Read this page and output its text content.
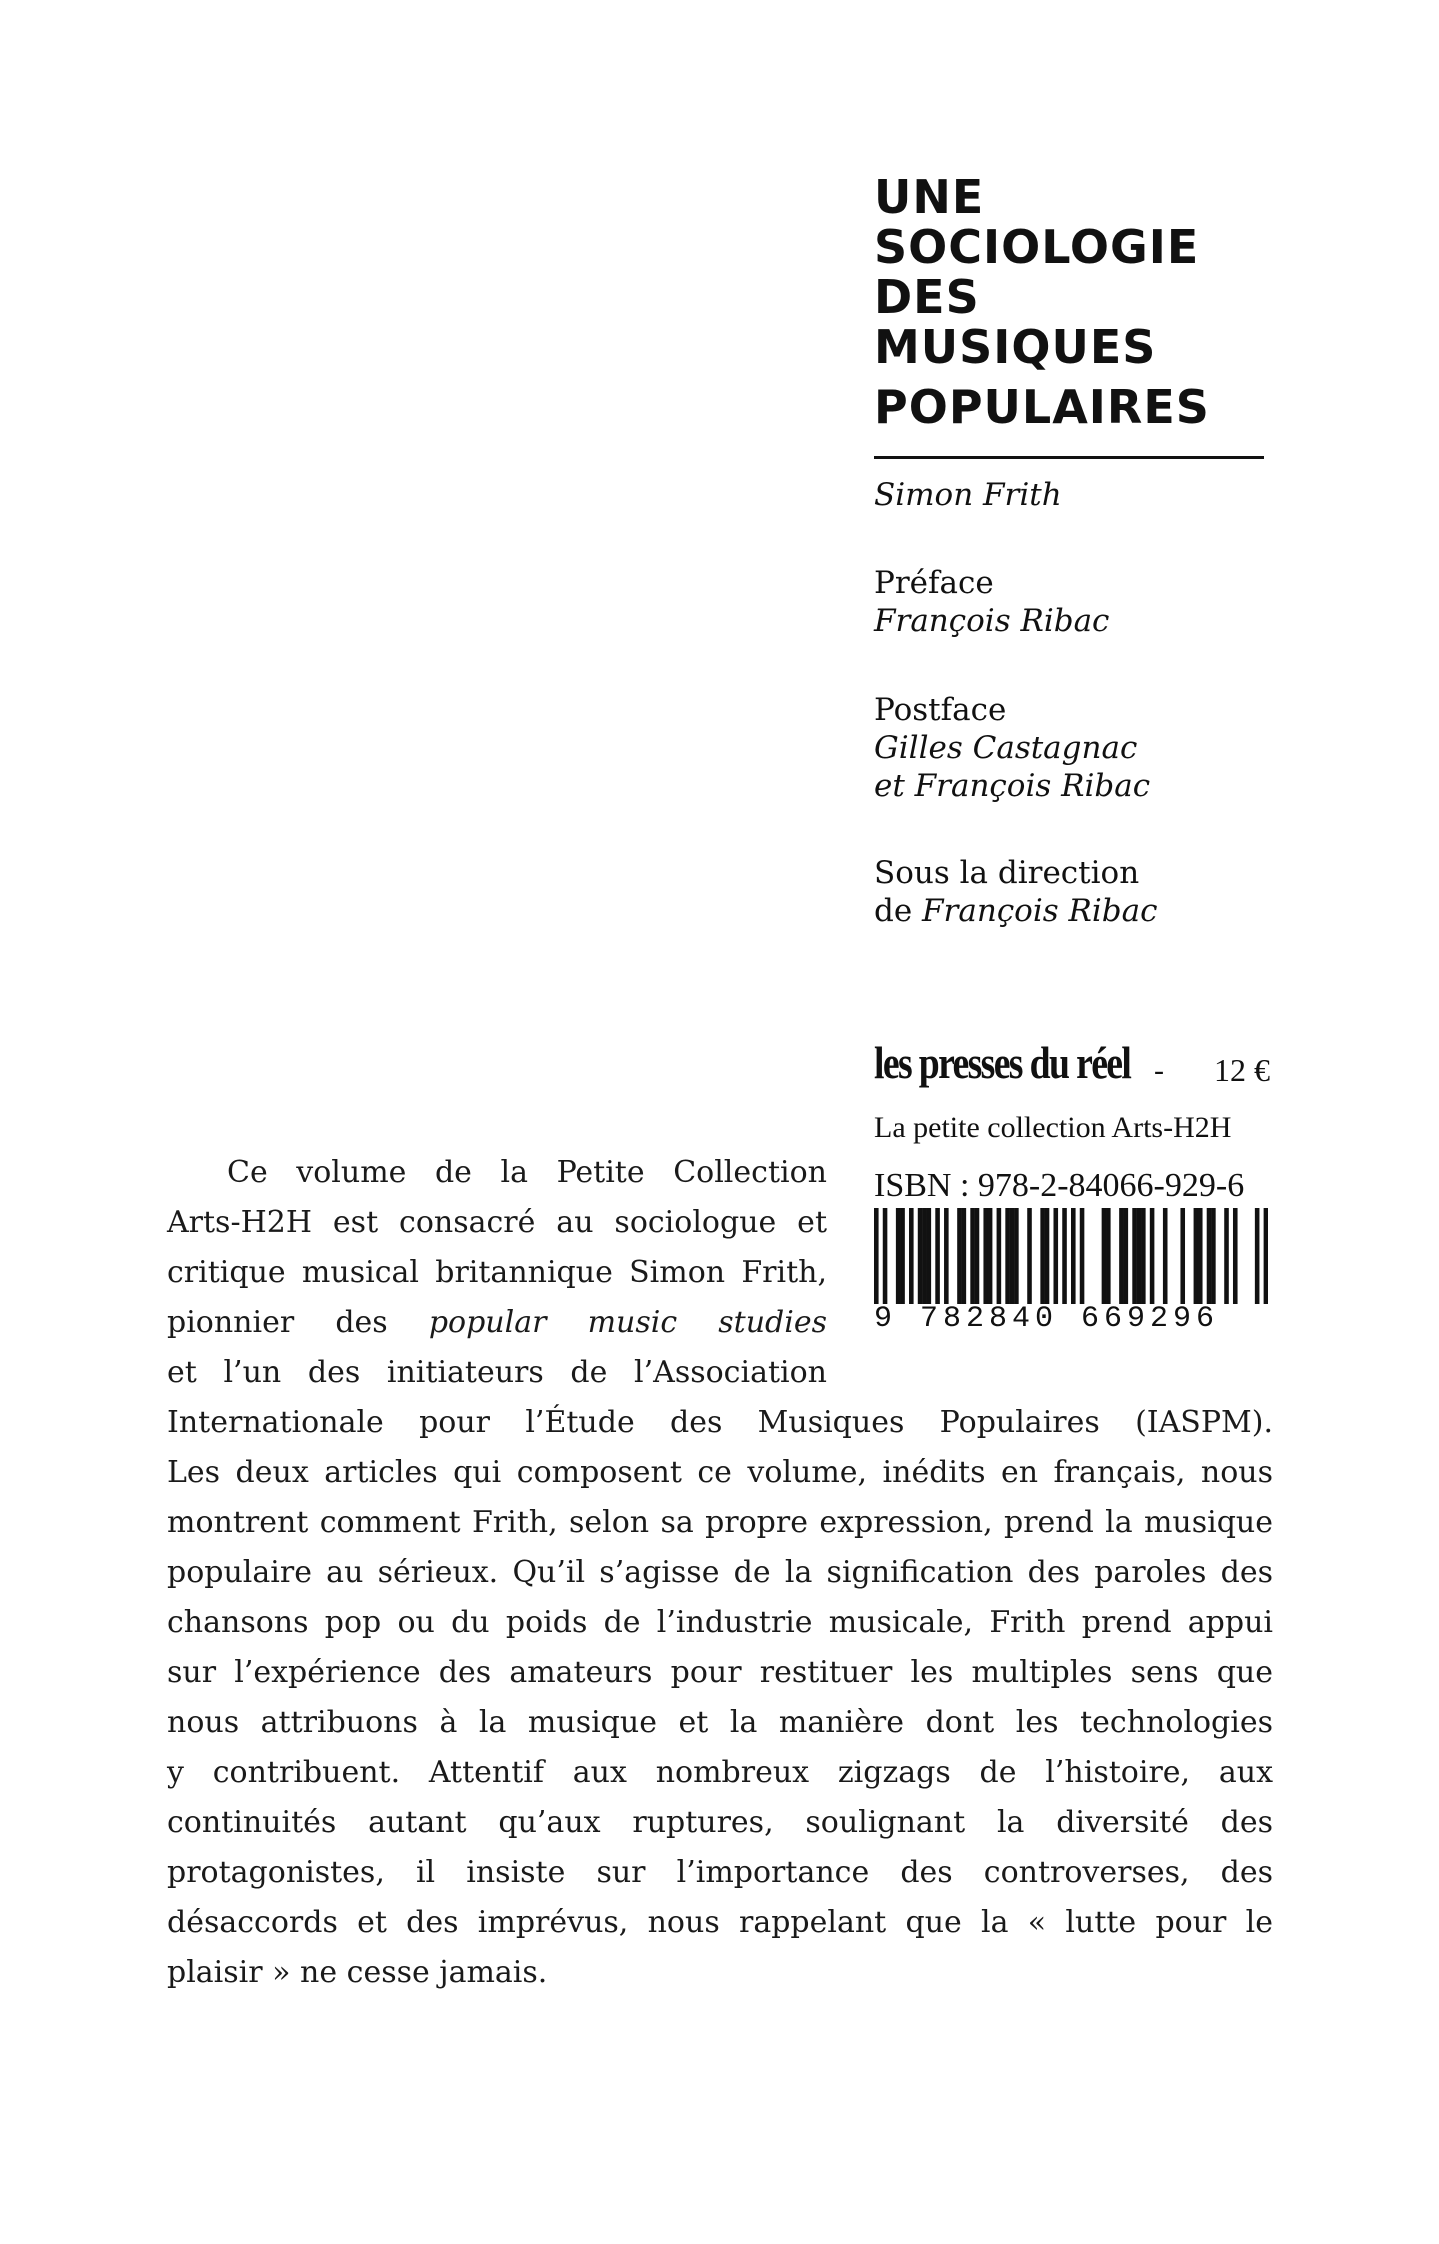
UNE
SOCIOLOGIE
DES
MUSIQUES
POPULAIRES
Simon Frith
Préface
François Ribac
Postface
Gilles Castagnac
et François Ribac
Sous la direction
de François Ribac
les presses du réel - 12 €
La petite collection Arts-H2H
ISBN : 978-2-84066-929-6
9 782840 669296
Ce volume de la Petite Collection
Arts-H2H est consacré au sociologue et
critique musical britannique Simon Frith,
pionnier des popular music studies
et l’un des initiateurs de l’Association
Internationale pour l’Étude des Musiques Populaires (IASPM).
Les deux articles qui composent ce volume, inédits en français, nous
montrent comment Frith, selon sa propre expression, prend la musique
populaire au sérieux. Qu’il s’agisse de la signification des paroles des
chansons pop ou du poids de l’industrie musicale, Frith prend appui
sur l’expérience des amateurs pour restituer les multiples sens que
nous attribuons à la musique et la manière dont les technologies
y contribuent. Attentif aux nombreux zigzags de l’histoire, aux
continuités autant qu’aux ruptures, soulignant la diversité des
protagonistes, il insiste sur l’importance des controverses, des
désaccords et des imprévus, nous rappelant que la « lutte pour le
plaisir » ne cesse jamais.
